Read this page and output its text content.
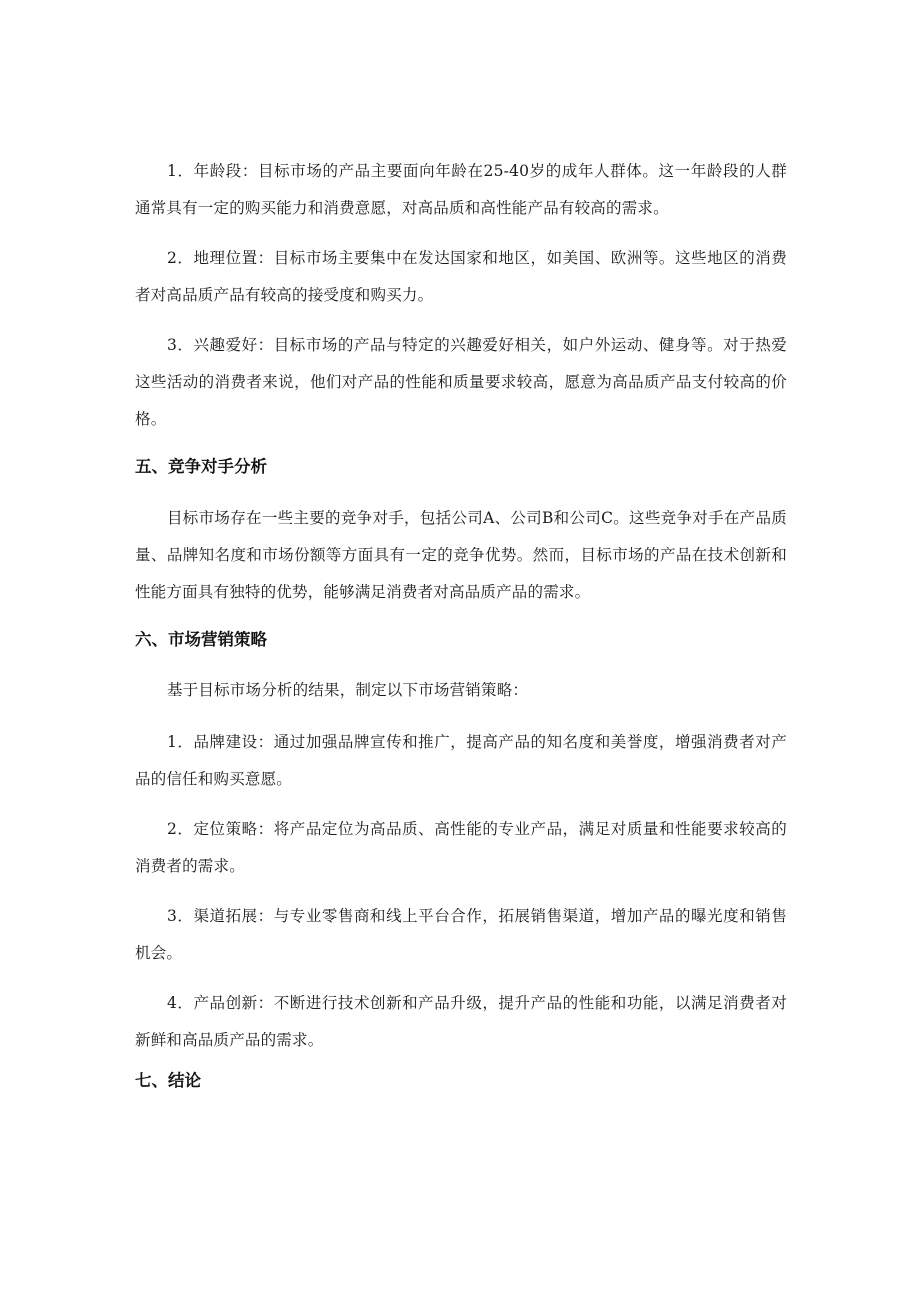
1．年龄段：目标市场的产品主要面向年龄在25-40岁的成年人群体。这一年龄段的人群通常具有一定的购买能力和消费意愿，对高品质和高性能产品有较高的需求。

2．地理位置：目标市场主要集中在发达国家和地区，如美国、欧洲等。这些地区的消费者对高品质产品有较高的接受度和购买力。

3．兴趣爱好：目标市场的产品与特定的兴趣爱好相关，如户外运动、健身等。对于热爱这些活动的消费者来说，他们对产品的性能和质量要求较高，愿意为高品质产品支付较高的价格。

五、竞争对手分析

目标市场存在一些主要的竞争对手，包括公司A、公司B和公司C。这些竞争对手在产品质量、品牌知名度和市场份额等方面具有一定的竞争优势。然而，目标市场的产品在技术创新和性能方面具有独特的优势，能够满足消费者对高品质产品的需求。

六、市场营销策略

基于目标市场分析的结果，制定以下市场营销策略：

1．品牌建设：通过加强品牌宣传和推广，提高产品的知名度和美誉度，增强消费者对产品的信任和购买意愿。

2．定位策略：将产品定位为高品质、高性能的专业产品，满足对质量和性能要求较高的消费者的需求。

3．渠道拓展：与专业零售商和线上平台合作，拓展销售渠道，增加产品的曝光度和销售机会。

4．产品创新：不断进行技术创新和产品升级，提升产品的性能和功能，以满足消费者对新鲜和高品质产品的需求。

七、结论
